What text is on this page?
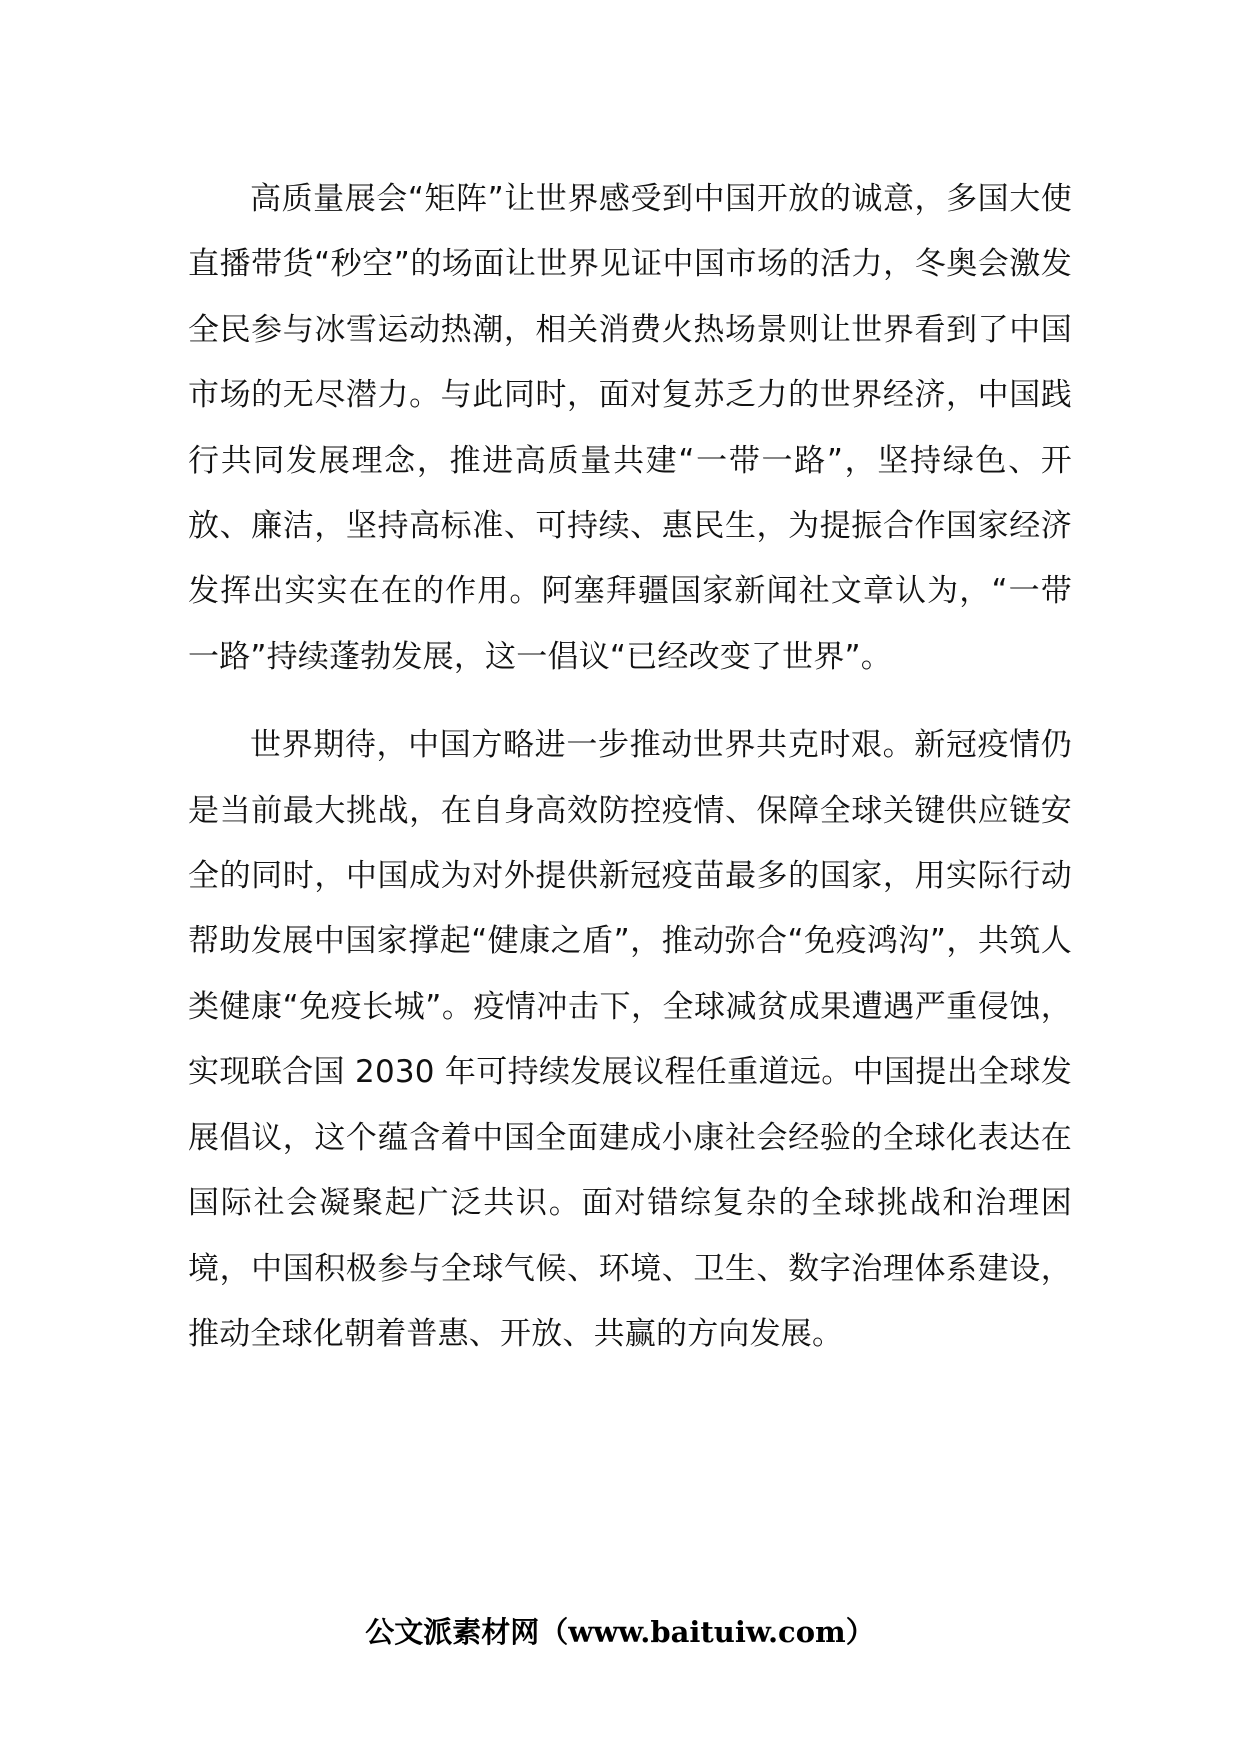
高质量展会“矩阵”让世界感受到中国开放的诚意，多国大使直播带货“秒空”的场面让世界见证中国市场的活力，冬奥会激发全民参与冰雪运动热潮，相关消费火热场景则让世界看到了中国市场的无尽潜力。与此同时，面对复苏乏力的世界经济，中国践行共同发展理念，推进高质量共建“一带一路”，坚持绿色、开放、廉洁，坚持高标准、可持续、惠民生，为提振合作国家经济发挥出实实在在的作用。阿塞拜疆国家新闻社文章认为，“一带一路”持续蓬勃发展，这一倡议“已经改变了世界”。

世界期待，中国方略进一步推动世界共克时艰。新冠疫情仍是当前最大挑战，在自身高效防控疫情、保障全球关键供应链安全的同时，中国成为对外提供新冠疫苗最多的国家，用实际行动帮助发展中国家撑起“健康之盾”，推动弥合“免疫鸿沟”，共筑人类健康“免疫长城”。疫情冲击下，全球减贫成果遭遇严重侵蚀，实现联合国 2030 年可持续发展议程任重道远。中国提出全球发展倡议，这个蕴含着中国全面建成小康社会经验的全球化表达在国际社会凝聚起广泛共识。面对错综复杂的全球挑战和治理困境，中国积极参与全球气候、环境、卫生、数字治理体系建设，推动全球化朝着普惠、开放、共赢的方向发展。

公文派素材网（www.baituiw.com）
